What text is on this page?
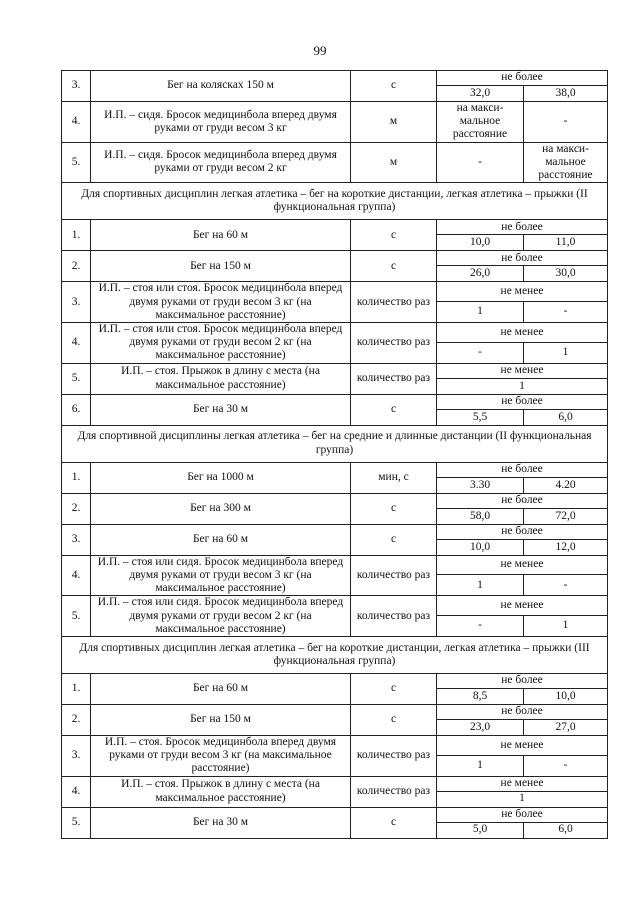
99
3.	Бег на колясках 150 м	с	не более	
			32,0	38,0
4.	И.П. – сидя. Бросок медицинбола вперед двумя руками от груди весом 3 кг	м	на макси-мальное расстояние	-
5.	И.П. – сидя. Бросок медицинбола вперед двумя руками от груди весом 2 кг	м	-	на макси-мальное расстояние
Для спортивных дисциплин легкая атлетика – бег на короткие дистанции, легкая атлетика – прыжки (II функциональная группа)				
1.	Бег на 60 м	с	не более	
			10,0	11,0
2.	Бег на 150 м	с	не более	
			26,0	30,0
3.	И.П. – стоя или стоя. Бросок медицинбола вперед двумя руками от груди весом 3 кг (на максимальное расстояние)	количество раз	не менее	
			1	-
4.	И.П. – стоя или стоя. Бросок медицинбола вперед двумя руками от груди весом 2 кг (на максимальное расстояние)	количество раз	не менее	
			-	1
5.	И.П. – стоя. Прыжок в длину с места (на максимальное расстояние)	количество раз	не менее	
			1	
6.	Бег на 30 м	с	не более	
			5,5	6,0
Для спортивной дисциплины легкая атлетика – бег на средние и длинные дистанции (II функциональная группа)				
1.	Бег на 1000 м	мин, с	не более	
			3.30	4.20
2.	Бег на 300 м	с	не более	
			58,0	72,0
3.	Бег на 60 м	с	не более	
			10,0	12,0
4.	И.П. – стоя или сидя. Бросок медицинбола вперед двумя руками от груди весом 3 кг (на максимальное расстояние)	количество раз	не менее	
			1	-
5.	И.П. – стоя или сидя. Бросок медицинбола вперед двумя руками от груди весом 2 кг (на максимальное расстояние)	количество раз	не менее	
			-	1
Для спортивных дисциплин легкая атлетика – бег на короткие дистанции, легкая атлетика – прыжки (III функциональная группа)				
1.	Бег на 60 м	с	не более	
			8,5	10,0
2.	Бег на 150 м	с	не более	
			23,0	27,0
3.	И.П. – стоя. Бросок медицинбола вперед двумя руками от груди весом 3 кг (на максимальное расстояние)	количество раз	не менее	
			1	-
4.	И.П. – стоя. Прыжок в длину с места (на максимальное расстояние)	количество раз	не менее	
			1	
5.	Бег на 30 м	с	не более	
			5,0	6,0
